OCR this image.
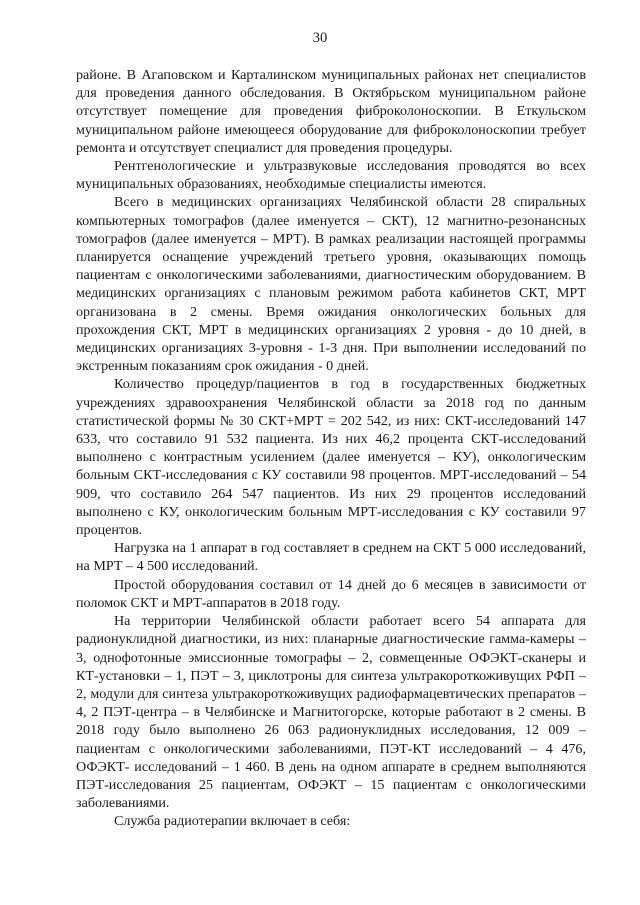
30

районе. В Агаповском и Карталинском муниципальных районах нет специалистов для проведения данного обследования. В Октябрьском муниципальном районе отсутствует помещение для проведения фиброколоноскопии. В Еткульском муниципальном районе имеющееся оборудование для фиброколоноскопии требует ремонта и отсутствует специалист для проведения процедуры.

Рентгенологические и ультразвуковые исследования проводятся во всех муниципальных образованиях, необходимые специалисты имеются.

Всего в медицинских организациях Челябинской области 28 спиральных компьютерных томографов (далее именуется – СКТ), 12 магнитно-резонансных томографов (далее именуется – МРТ). В рамках реализации настоящей программы планируется оснащение учреждений третьего уровня, оказывающих помощь пациентам с онкологическими заболеваниями, диагностическим оборудованием. В медицинских организациях с плановым режимом работа кабинетов СКТ, МРТ организована в 2 смены. Время ожидания онкологических больных для прохождения СКТ, МРТ в медицинских организациях 2 уровня - до 10 дней, в медицинских организациях 3-уровня - 1-3 дня. При выполнении исследований по экстренным показаниям срок ожидания - 0 дней.

Количество процедур/пациентов в год в государственных бюджетных учреждениях здравоохранения Челябинской области за 2018 год по данным статистической формы № 30 СКТ+МРТ = 202 542, из них: СКТ-исследований 147 633, что составило 91 532 пациента. Из них 46,2 процента СКТ-исследований выполнено с контрастным усилением (далее именуется – КУ), онкологическим больным СКТ-исследования с КУ составили 98 процентов. МРТ-исследований – 54 909, что составило 264 547 пациентов. Из них 29 процентов исследований выполнено с КУ, онкологическим больным МРТ-исследования с КУ составили 97 процентов.

Нагрузка на 1 аппарат в год составляет в среднем на СКТ 5 000 исследований, на МРТ – 4 500 исследований.

Простой оборудования составил от 14 дней до 6 месяцев в зависимости от поломок СКТ и МРТ-аппаратов в 2018 году.

На территории Челябинской области работает всего 54 аппарата для радионуклидной диагностики, из них: планарные диагностические гамма-камеры – 3, однофотонные эмиссионные томографы – 2, совмещенные ОФЭКТ-сканеры и КТ-установки – 1, ПЭТ – 3, циклотроны для синтеза ультракороткоживущих РФП – 2, модули для синтеза ультракороткоживущих радиофармацевтических препаратов – 4, 2 ПЭТ-центра – в Челябинске и Магнитогорске, которые работают в 2 смены. В 2018 году было выполнено 26 063 радионуклидных исследования, 12 009 – пациентам с онкологическими заболеваниями, ПЭТ-КТ исследований – 4 476, ОФЭКТ- исследований – 1 460. В день на одном аппарате в среднем выполняются ПЭТ-исследования 25 пациентам, ОФЭКТ – 15 пациентам с онкологическими заболеваниями.

Служба радиотерапии включает в себя:
